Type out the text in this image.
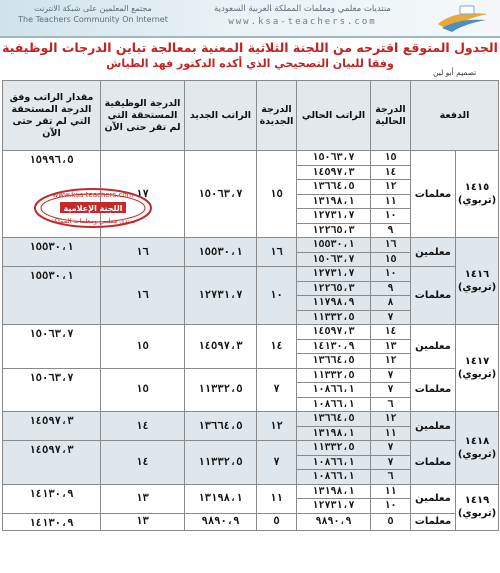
مجتمع المعلمين على شبكة الانترنت
The Teachers Community On Internet
منتديات معلمي ومعلمات المملكة العربية السعودية
www.ksa-teachers.com
الجدول المتوقع اقترحه من اللجنة الثلاثية المعنية بمعالجة تباين الدرجات الوظيفية
وفقا للبيان التصحيحي الذي أكده الدكتور فهد الطياش
تصميم أبو لين
الدفعة		الدرجة الحالية	الراتب الحالي	الدرجة الجديدة	الراتب الجديد	الدرجة الوظيفية المستحقة التي لم تقر حتى الآن	مقدار الراتب وفق الدرجة المستحقة التي لم تقر حتى الآن

١٤١٥
(تربوي)	معلمات	١٥	١٥٠٦٣،٧	١٥	١٥٠٦٣،٧	١٧	١٥٩٩٦،٥
		١٤	١٤٥٩٧،٣				
		١٢	١٣٦٦٤،٥				
		١١	١٣١٩٨،١				
		١٠	١٢٧٣١،٧				
		٩	١٢٢٦٥،٣				

١٤١٦
(تربوي)	معلمين	١٦	١٥٥٣٠،١	١٦	١٥٥٣٠،١	١٦	١٥٥٣٠،١
		١٥	١٥٠٦٣،٧				
	معلمات	١٠	١٢٧٣١،٧	١٠	١٢٧٣١،٧	١٦	١٥٥٣٠،١
		٩	١٢٢٦٥،٣				
		٨	١١٧٩٨،٩				
		٧	١١٣٣٢،٥				

١٤١٧
(تربوي)	معلمين	١٤	١٤٥٩٧،٣	١٤	١٤٥٩٧،٣	١٥	١٥٠٦٣،٧
		١٣	١٤١٣٠،٩				
		١٢	١٣٦٦٤،٥				
	معلمات	٧	١١٣٣٢،٥	٧	١١٣٣٢،٥	١٥	١٥٠٦٣،٧
		٧	١٠٨٦٦،١				
		٦	١٠٨٦٦،١				

١٤١٨
(تربوي)	معلمين	١٢	١٣٦٦٤،٥	١٢	١٣٦٦٤،٥	١٤	١٤٥٩٧،٣
		١١	١٣١٩٨،١				
	معلمات	٧	١١٣٣٢،٥	٧	١١٣٣٢،٥	١٤	١٤٥٩٧،٣
		٧	١٠٨٦٦،١				
		٦	١٠٨٦٦،١				

١٤١٩
(تربوي)	معلمين	١١	١٣١٩٨،١	١١	١٣١٩٨،١	١٣	١٤١٣٠،٩
		١٠	١٢٧٣١،٧				
	معلمات	٥	٩٨٩٠،٩	٥	٩٨٩٠،٩	١٣	١٤١٣٠،٩
www.ksa-teachers.com
اللجنة الإعلامية
منتدى معلمي ومعلمات المملكة
